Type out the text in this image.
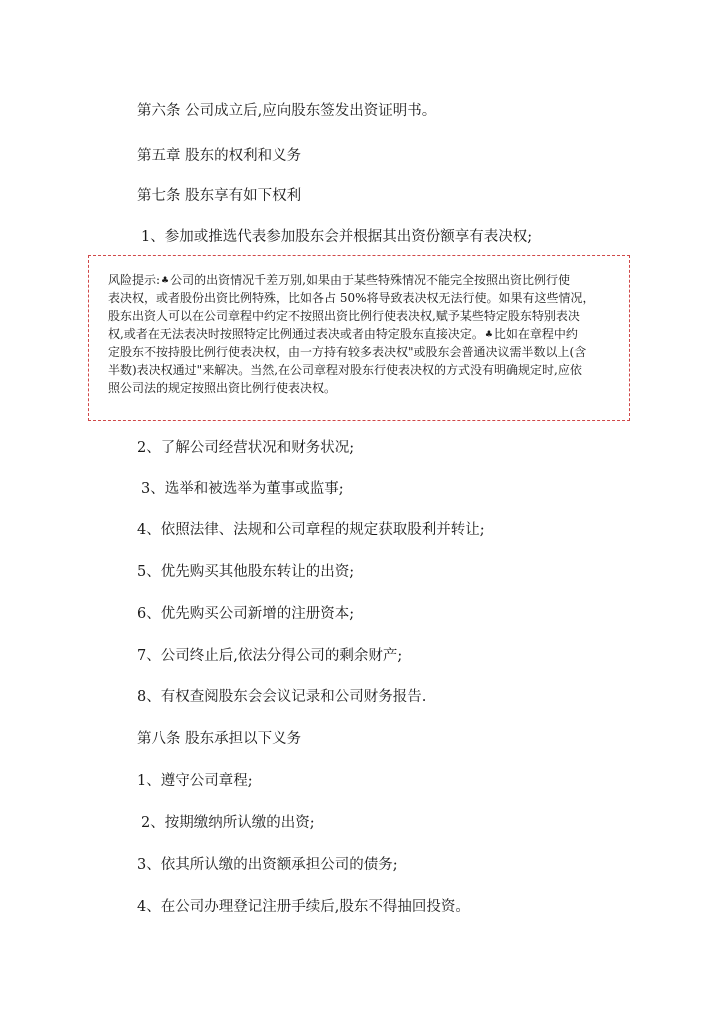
第六条 公司成立后,应向股东签发出资证明书。
第五章 股东的权利和义务
第七条 股东享有如下权利
1、参加或推选代表参加股东会并根据其出资份额享有表决权;
风险提示:♣公司的出资情况千差万别,如果由于某些特殊情况不能完全按照出资比例行使
表决权，或者股份出资比例特殊，比如各占 50%将导致表决权无法行使。如果有这些情况，
股东出资人可以在公司章程中约定不按照出资比例行使表决权,赋予某些特定股东特别表决
权,或者在无法表决时按照特定比例通过表决或者由特定股东直接决定。♣比如在章程中约
定股东不按持股比例行使表决权，由一方持有较多表决权"或股东会普通决议需半数以上(含
半数)表决权通过"来解决。当然,在公司章程对股东行使表决权的方式没有明确规定时,应依
照公司法的规定按照出资比例行使表决权。
2、了解公司经营状况和财务状况;
3、选举和被选举为董事或监事;
4、依照法律、法规和公司章程的规定获取股利并转让;
5、优先购买其他股东转让的出资;
6、优先购买公司新增的注册资本;
7、公司终止后,依法分得公司的剩余财产;
8、有权查阅股东会会议记录和公司财务报告.
第八条 股东承担以下义务
1、遵守公司章程;
2、按期缴纳所认缴的出资;
3、依其所认缴的出资额承担公司的债务;
4、在公司办理登记注册手续后,股东不得抽回投资。
